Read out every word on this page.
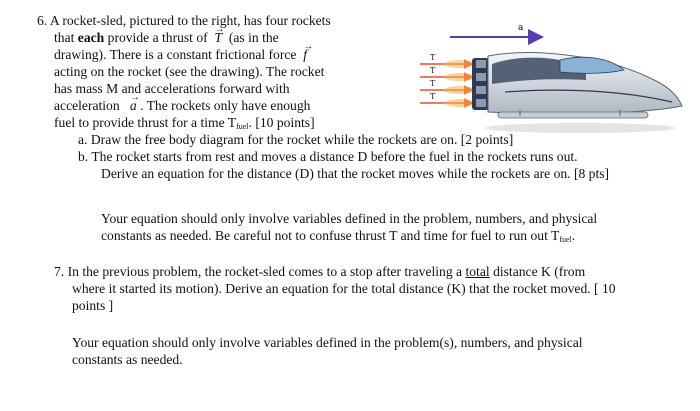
6. A rocket-sled, pictured to the right, has four rockets
that each provide a thrust of → T (as in the
drawing). There is a constant frictional force → f
acting on the rocket (see the drawing). The rocket
has mass M and accelerations forward with
acceleration → a . The rockets only have enough
fuel to provide thrust for a time $T_{fuel}$. [10 points]
a. Draw the free body diagram for the rocket while the rockets are on. [2 points]
b. The rocket starts from rest and moves a distance D before the fuel in the rockets runs out.
Derive an equation for the distance (D) that the rocket moves while the rockets are on. [8 pts]
Your equation should only involve variables defined in the problem, numbers, and physical
constants as needed. Be careful not to confuse thrust T and time for fuel to run out $T_{fuel}$.
7. In the previous problem, the rocket-sled comes to a stop after traveling a total distance K (from
where it started its motion). Derive an equation for the total distance (K) that the rocket moved. [ 10
points ]
Your equation should only involve variables defined in the problem(s), numbers, and physical
constants as needed.
a
T
T
T
T
